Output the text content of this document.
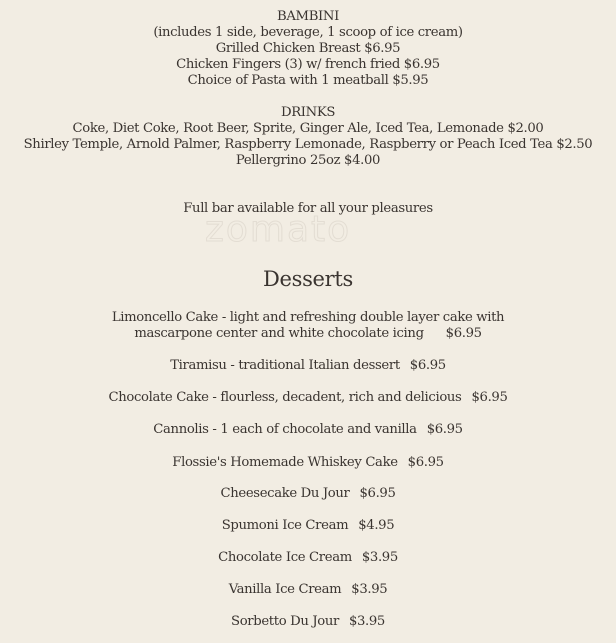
BAMBINI
(includes 1 side, beverage, 1 scoop of ice cream)
Grilled Chicken Breast $6.95
Chicken Fingers (3) w/ french fried $6.95
Choice of Pasta with 1 meatball $5.95
DRINKS
Coke, Diet Coke, Root Beer, Sprite, Ginger Ale, Iced Tea, Lemonade $2.00
Shirley Temple, Arnold Palmer, Raspberry Lemonade, Raspberry or Peach Iced Tea $2.50
Pellergrino 25oz $4.00
Full bar available for all your pleasures
zomato
Desserts
Limoncello Cake - light and refreshing double layer cake with
mascarpone center and white chocolate icing $6.95
Tiramisu - traditional Italian dessert $6.95
Chocolate Cake - flourless, decadent, rich and delicious $6.95
Cannolis - 1 each of chocolate and vanilla $6.95
Flossie's Homemade Whiskey Cake $6.95
Cheesecake Du Jour $6.95
Spumoni Ice Cream $4.95
Chocolate Ice Cream $3.95
Vanilla Ice Cream $3.95
Sorbetto Du Jour $3.95
